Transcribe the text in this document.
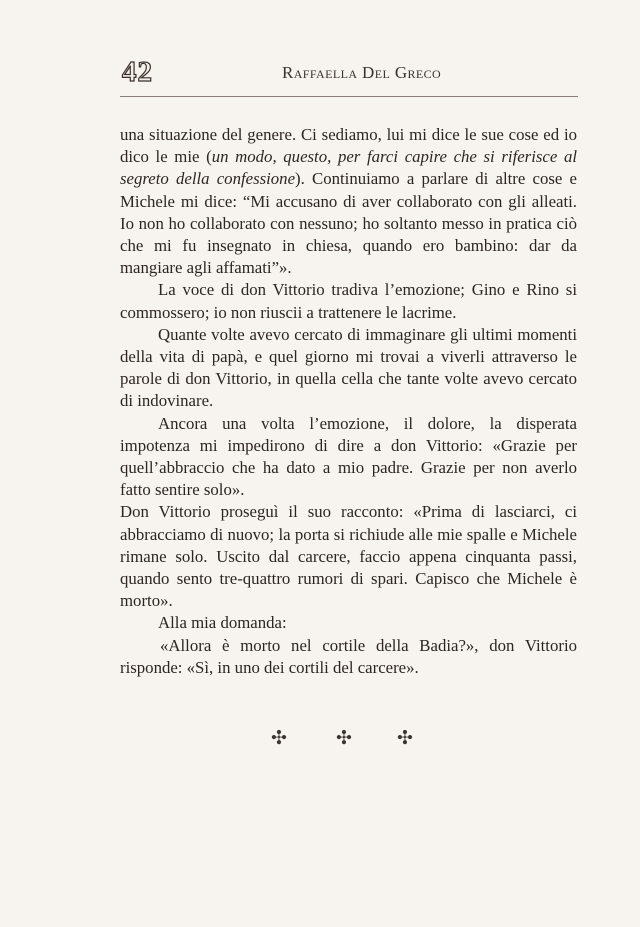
42	Raffaella Del Greco

una situazione del genere. Ci sediamo, lui mi dice le sue cose ed io dico le mie (un modo, questo, per farci capire che si riferisce al segreto della confessione). Continuiamo a parlare di altre cose e Michele mi dice: “Mi accusano di aver collaborato con gli alleati. Io non ho collaborato con nessuno; ho soltanto messo in pratica ciò che mi fu insegnato in chiesa, quando ero bambino: dar da mangiare agli affamati”».

La voce di don Vittorio tradiva l’emozione; Gino e Rino si commossero; io non riuscii a trattenere le lacrime.

Quante volte avevo cercato di immaginare gli ultimi momenti della vita di papà, e quel giorno mi trovai a viverli attraverso le parole di don Vittorio, in quella cella che tante volte avevo cercato di indovinare.

Ancora una volta l’emozione, il dolore, la disperata impotenza mi impedirono di dire a don Vittorio: «Grazie per quell’abbraccio che ha dato a mio padre. Grazie per non averlo fatto sentire solo».

Don Vittorio proseguì il suo racconto: «Prima di lasciarci, ci abbracciamo di nuovo; la porta si richiude alle mie spalle e Michele rimane solo. Uscito dal carcere, faccio appena cinquanta passi, quando sento tre-quattro rumori di spari. Capisco che Michele è morto».

Alla mia domanda:

«Allora è morto nel cortile della Badia?», don Vittorio risponde: «Sì, in uno dei cortili del carcere».

✣	✣ ✣
